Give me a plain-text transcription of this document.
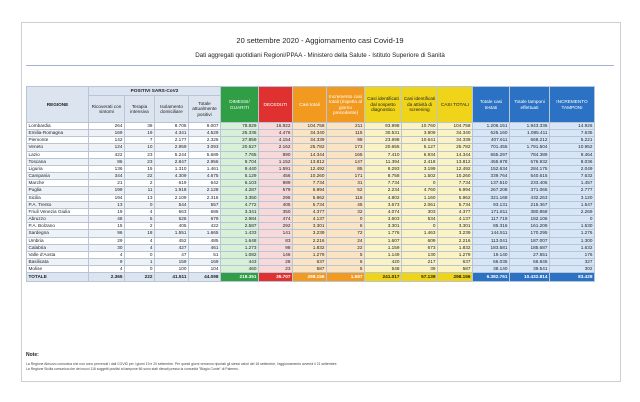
20 settembre 2020 - Aggiornamento casi Covid-19
Dati aggregati quotidiani Regioni/PPAA - Ministero della Salute - Istituto Superiore di Sanità
REGIONE	POSITIVI SARS-CoV2				DIMESSI/ GUARITI	DECEDUTI	Casi totali	Incremento casi totali (rispetto al giorno precedente)	Casi identificati dal sospetto diagnostico	Casi identificati da attività di screening	CASI TOTALI	Totale casi testati	Totale tamponi effettuati	INCREMENTO TAMPONI
	Ricoverati con sintomi	Terapia intensiva	Isolamento domiciliare	Totale attualmente positivi										
Lombardia	264	38	8.705	9.007	78.829	16.922	104.758	211	93.998	10.760	104.758	1.206.151	1.943.336	14.926
Emilia-Romagna	169	19	4.341	4.529	25.335	4.476	34.340	115	30.531	3.809	34.340	625.160	1.085.411	7.635
Piemonte	142	7	2.177	2.326	27.859	4.154	34.339	98	23.698	10.641	34.339	407.611	668.212	5.221
Veneto	124	10	2.959	3.093	20.527	2.162	25.782	173	20.655	5.127	25.782	701.455	1.791.504	10.952
Lazio	422	23	5.244	5.689	7.765	890	14.344	165	7.410	6.934	14.344	655.297	784.389	9.464
Toscana	86	23	2.847	2.956	9.704	1.152	13.812	147	11.394	2.418	13.812	455.978	676.932	8.036
Liguria	136	15	1.310	1.461	9.440	1.591	12.492	85	9.293	3.199	12.492	152.634	284.175	2.049
Campania	344	22	4.309	4.675	5.129	456	10.260	171	8.758	1.502	10.260	339.764	540.615	7.632
Marche	21	2	619	642	6.103	989	7.734	31	7.734	0	7.734	137.510	233.406	1.457
Puglia	199	11	1.918	2.128	4.287	579	6.994	52	2.234	4.760	6.994	267.208	371.065	2.777
Sicilia	194	13	2.109	2.316	3.350	296	5.962	116	4.802	1.160	5.962	321.168	432.263	3.120
P.A. Trento	13	0	544	557	4.772	405	5.734	45	3.673	2.061	5.734	93.131	215.367	1.547
Friuli Venezia Giulia	19	4	663	686	3.341	350	4.377	32	4.074	303	4.377	171.811	380.858	2.269
Abruzzo	48	5	626	679	2.984	474	4.137	0	3.603	534	4.137	117.719	182.106	0
P.A. Bolzano	15	2	405	422	2.587	292	3.301	6	3.301	0	3.301	85.316	161.209	1.530
Sardegna	96	18	1.551	1.665	1.433	141	3.239	72	1.776	1.463	3.239	144.511	170.295	1.276
Umbria	29	4	452	485	1.648	83	2.216	24	1.607	609	2.216	113.041	187.007	1.300
Calabria	30	4	427	461	1.273	98	1.832	22	1.159	673	1.832	183.581	185.687	1.632
Valle d'Aosta	4	0	47	51	1.082	146	1.279	5	1.149	130	1.279	19.140	27.551	176
Basilicata	9	1	159	169	443	28	637	6	420	217	637	66.035	66.845	327
Molise	4	0	100	104	460	23	587	5	548	39	587	38.140	39.541	302
TOTALE	2.365	222	41.511	44.098	218.351	35.707	298.156	1.587	241.017	57.139	298.156	6.382.761	10.432.814	83.428
Note:
La Regione Abruzzo comunica che non sono pervenuti i dati COVID per i giorni 19 e 20 settembre. Per questi giorni verranno riportati gli stessi valori del 18 settembre, l'aggiornamento avverrà il 21 settembre.
La Regione Sicilia comunica che dei nuovi 116 soggetti positivi al tampone 66 sono stati rilevati presso la comunità "Biagio Conte" di Palermo.
